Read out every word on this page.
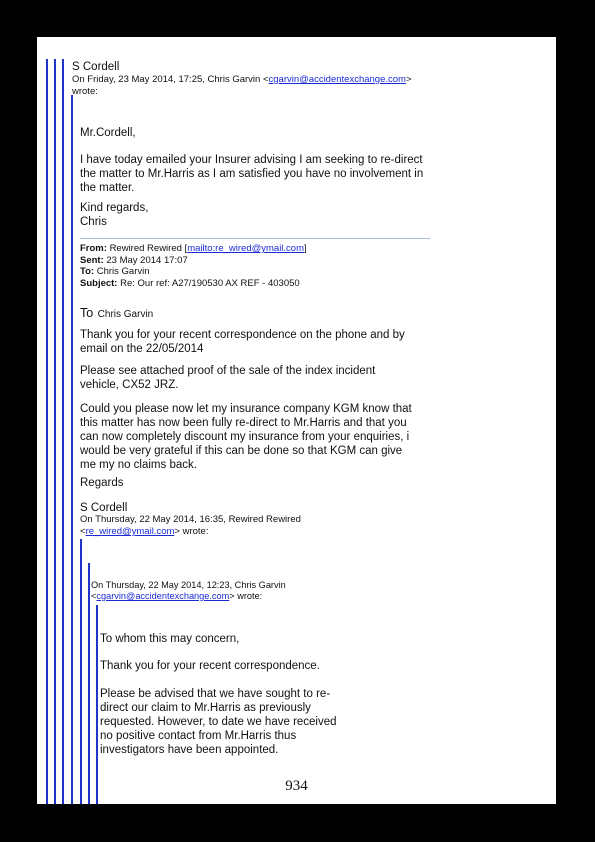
S Cordell

On Friday, 23 May 2014, 17:25, Chris Garvin <cgarvin@accidentexchange.com>

wrote:

Mr.Cordell,

I have today emailed your Insurer advising I am seeking to re-direct
the matter to Mr.Harris as I am satisfied you have no involvement in
the matter.

Kind regards,
Chris

From: Rewired Rewired [mailto:re_wired@ymail.com]

Sent: 23 May 2014 17:07

To: Chris Garvin

Subject: Re: Our ref: A27/190530 AX REF - 403050

To Chris Garvin

Thank you for your recent correspondence on the phone and by
email on the 22/05/2014

Please see attached proof of the sale of the index incident
vehicle, CX52 JRZ.

Could you please now let my insurance company KGM know that
this matter has now been fully re-direct to Mr.Harris and that you
can now completely discount my insurance from your enquiries, i
would be very grateful if this can be done so that KGM can give
me my no claims back.

Regards

S Cordell

On Thursday, 22 May 2014, 16:35, Rewired Rewired

<re_wired@ymail.com> wrote:

On Thursday, 22 May 2014, 12:23, Chris Garvin

<cgarvin@accidentexchange.com> wrote:

To whom this may concern,

Thank you for your recent correspondence.

Please be advised that we have sought to re-
direct our claim to Mr.Harris as previously
requested. However, to date we have received
no positive contact from Mr.Harris thus
investigators have been appointed.

934
